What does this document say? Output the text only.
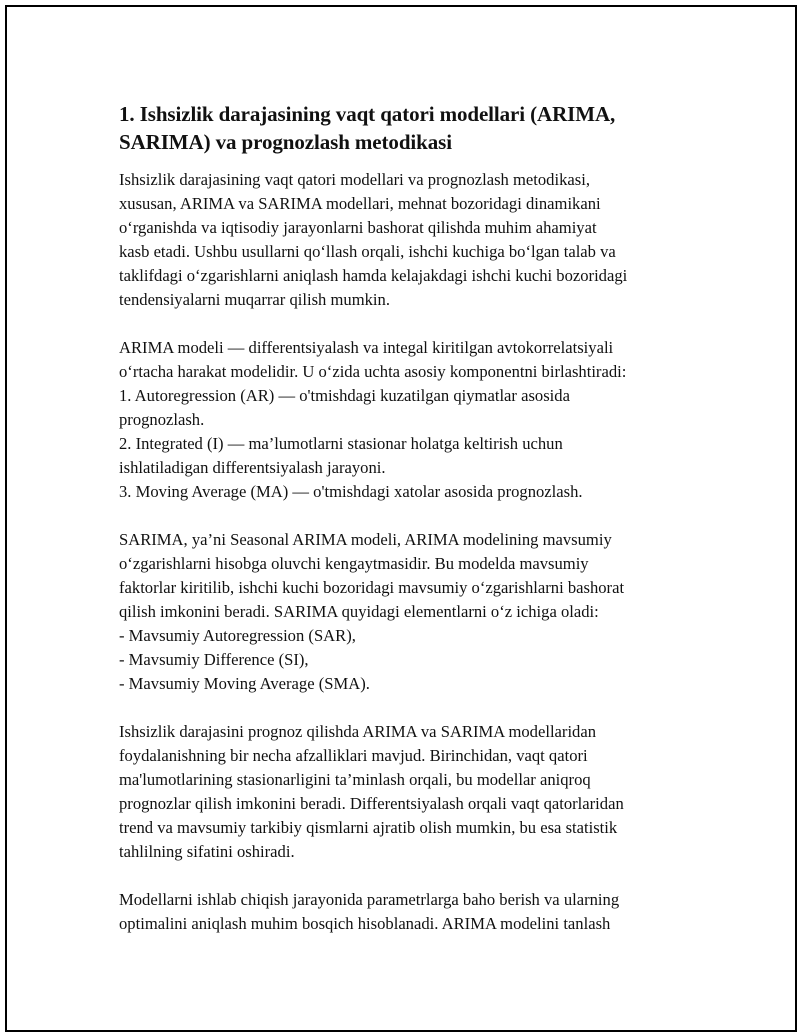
1. Ishsizlik darajasining vaqt qatori modellari (ARIMA,
SARIMA) va prognozlash metodikasi
Ishsizlik darajasining vaqt qatori modellari va prognozlash metodikasi,
xususan, ARIMA va SARIMA modellari, mehnat bozoridagi dinamikani
o‘rganishda va iqtisodiy jarayonlarni bashorat qilishda muhim ahamiyat
kasb etadi. Ushbu usullarni qo‘llash orqali, ishchi kuchiga bo‘lgan talab va
taklifdagi o‘zgarishlarni aniqlash hamda kelajakdagi ishchi kuchi bozoridagi
tendensiyalarni muqarrar qilish mumkin.
ARIMA modeli — differentsiyalash va integal kiritilgan avtokorrelatsiyali
o‘rtacha harakat modelidir. U o‘zida uchta asosiy komponentni birlashtiradi:
1. Autoregression (AR) — o'tmishdagi kuzatilgan qiymatlar asosida
prognozlash.
2. Integrated (I) — ma’lumotlarni stasionar holatga keltirish uchun
ishlatiladigan differentsiyalash jarayoni.
3. Moving Average (MA) — o'tmishdagi xatolar asosida prognozlash.
SARIMA, ya’ni Seasonal ARIMA modeli, ARIMA modelining mavsumiy
o‘zgarishlarni hisobga oluvchi kengaytmasidir. Bu modelda mavsumiy
faktorlar kiritilib, ishchi kuchi bozoridagi mavsumiy o‘zgarishlarni bashorat
qilish imkonini beradi. SARIMA quyidagi elementlarni o‘z ichiga oladi:
- Mavsumiy Autoregression (SAR),
- Mavsumiy Difference (SI),
- Mavsumiy Moving Average (SMA).
Ishsizlik darajasini prognoz qilishda ARIMA va SARIMA modellaridan
foydalanishning bir necha afzalliklari mavjud. Birinchidan, vaqt qatori
ma'lumotlarining stasionarligini ta’minlash orqali, bu modellar aniqroq
prognozlar qilish imkonini beradi. Differentsiyalash orqali vaqt qatorlaridan
trend va mavsumiy tarkibiy qismlarni ajratib olish mumkin, bu esa statistik
tahlilning sifatini oshiradi.
Modellarni ishlab chiqish jarayonida parametrlarga baho berish va ularning
optimalini aniqlash muhim bosqich hisoblanadi. ARIMA modelini tanlash
